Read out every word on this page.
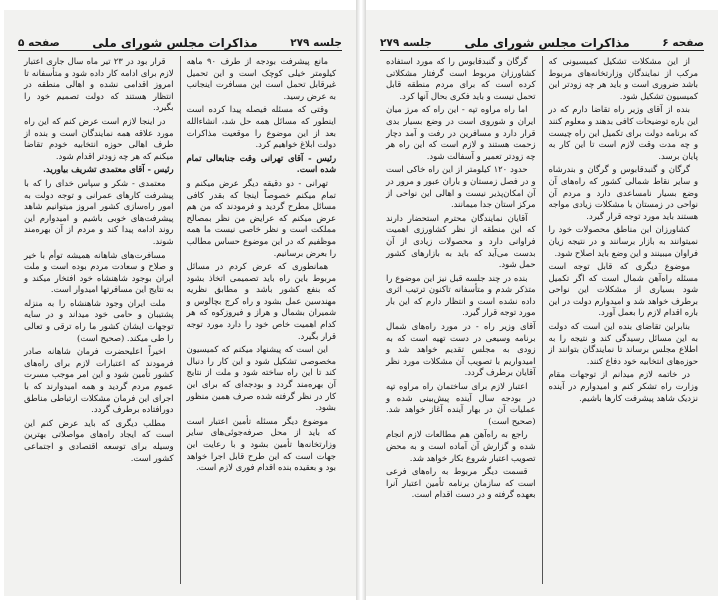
جلسه ۲۷۹
مذاکرات مجلس شورای ملی
صفحه ۵

مانع پیشرفت بودجه از طرف ۹۰ ماهه کیلومتر خیلی کوچک است و این تحمیل غیرقابل تحمل است این مسافرت اینجانب به عرض رسید.

وقتی که مسئله فیصله پیدا کرده است اینطور که مسائل همه حل شد، انشاءالله بعد از این موضوع را موقعیت مذاکرات دولت ابلاغ خواهیم کرد.

رئیس - آقای تهرانی وقت جنابعالی تمام شده است.

تهرانی - دو دقیقه دیگر عرض میکنم و تمام میکنم خصوصاً اینجا که بقدر کافی مسائل مطرح گردید و فرمودند که من هم عرض میکنم که عرایض من نظر بمصالح مملکت است و نظر خاصی نیست ما همه موظفیم که در این موضوع حساس مطالب را بعرض برسانیم.

همانطوری که عرض کردم در مسائل مربوط باین راه باید تصمیمی اتخاذ بشود که بنفع کشور باشد و مطابق نظریه مهندسین عمل بشود و راه کرج بچالوس و شمیران بشمال و هراز و فیروزکوه که هر کدام اهمیت خاص خود را دارد مورد توجه قرار بگیرد.

این است که پیشنهاد میکنم که کمیسیون مخصوصی تشکیل شود و این کار را دنبال کند تا این راه ساخته شود و ملت از نتایج آن بهره‌مند گردد و بودجه‌ای که برای این کار در نظر گرفته شده صرف همین منظور بشود.

موضوع دیگر مسئله تأمین اعتبار است که باید از محل صرفه‌جوئی‌های سایر وزارتخانه‌ها تأمین بشود و با رعایت این جهات است که این طرح قابل اجرا خواهد بود و بعقیده بنده اقدام فوری لازم است.

قرار بود در ۲۳ تیر ماه سال جاری اعتبار لازم برای ادامه کار داده شود و متأسفانه تا امروز اقدامی نشده و اهالی منطقه در انتظار هستند که دولت تصمیم خود را بگیرد.

در اینجا لازم است عرض کنم که این راه مورد علاقه همه نمایندگان است و بنده از طرف اهالی حوزه انتخابیه خودم تقاضا میکنم که هر چه زودتر اقدام شود.

رئیس - آقای معتمدی تشریف بیاورید.

معتمدی - شکر و سپاس خدای را که با پیشرفت کارهای عمرانی و توجه دولت به امور راه‌سازی کشور امروز میتوانیم شاهد پیشرفت‌های خوبی باشیم و امیدوارم این روند ادامه پیدا کند و مردم از آن بهره‌مند شوند.

مسافرت‌های شاهانه همیشه توأم با خیر و صلاح و سعادت مردم بوده است و ملت ایران بوجود شاهنشاه خود افتخار میکند و به نتایج این مسافرتها امیدوار است.

ملت ایران وجود شاهنشاه را به منزله پشتیبان و حامی خود میداند و در سایه توجهات ایشان کشور ما راه ترقی و تعالی را طی میکند. (صحیح است)

اخیراً اعلیحضرت فرمان شاهانه صادر فرمودند که اعتبارات لازم برای راه‌های کشور تأمین شود و این امر موجب مسرت عموم مردم گردید و همه امیدوارند که با اجرای این فرمان مشکلات ارتباطی مناطق دورافتاده برطرف گردد.

مطلب دیگری که باید عرض کنم این است که ایجاد راه‌های مواصلاتی بهترین وسیله برای توسعه اقتصادی و اجتماعی کشور است.

صفحه ۶
مذاکرات مجلس شورای ملی
جلسه ۲۷۹

از این مشکلات تشکیل کمیسیونی که مرکب از نمایندگان وزارتخانه‌های مربوط باشد ضروری است و باید هر چه زودتر این کمیسیون تشکیل شود.

بنده از آقای وزیر راه تقاضا دارم که در این باره توضیحات کافی بدهند و معلوم کنند که برنامه دولت برای تکمیل این راه چیست و چه مدت وقت لازم است تا این کار به پایان برسد.

گرگان و گنبدقابوس و گرگان و بندرشاه و سایر نقاط شمالی کشور که راه‌های آن وضع بسیار نامساعدی دارد و مردم آن نواحی در زمستان با مشکلات زیادی مواجه هستند باید مورد توجه قرار گیرد.

کشاورزان این مناطق محصولات خود را نمیتوانند به بازار برسانند و در نتیجه زیان فراوان میبینند و این وضع باید اصلاح شود.

موضوع دیگری که قابل توجه است مسئله راه‌آهن شمال است که اگر تکمیل شود بسیاری از مشکلات این نواحی برطرف خواهد شد و امیدوارم دولت در این باره اقدام لازم را بعمل آورد.

بنابراین تقاضای بنده این است که دولت به این مسائل رسیدگی کند و نتیجه را به اطلاع مجلس برساند تا نمایندگان بتوانند از حوزه‌های انتخابیه خود دفاع کنند.

در خاتمه لازم میدانم از توجهات مقام وزارت راه تشکر کنم و امیدوارم در آینده نزدیک شاهد پیشرفت کارها باشیم.

گرگان و گنبدقابوس را که مورد استفاده کشاورزان مربوط است گرفتار مشکلاتی کرده است که برای مردم منطقه قابل تحمل نیست و باید فکری بحال آنها کرد.

اما راه مراوه تپه - این راه که مرز میان ایران و شوروی است در وضع بسیار بدی قرار دارد و مسافرین در رفت و آمد دچار زحمت هستند و لازم است که این راه هر چه زودتر تعمیر و آسفالت شود.

حدود ۱۲۰ کیلومتر از این راه خاکی است و در فصل زمستان و باران عبور و مرور در آن امکان‌پذیر نیست و اهالی این نواحی از مرکز استان جدا میمانند.

آقایان نمایندگان محترم استحضار دارند که این منطقه از نظر کشاورزی اهمیت فراوانی دارد و محصولات زیادی از آن بدست می‌آید که باید به بازارهای کشور حمل شود.

بنده در چند جلسه قبل نیز این موضوع را متذکر شدم و متأسفانه تاکنون ترتیب اثری داده نشده است و انتظار دارم که این بار مورد توجه قرار گیرد.

آقای وزیر راه - در مورد راه‌های شمال برنامه وسیعی در دست تهیه است که به زودی به مجلس تقدیم خواهد شد و امیدواریم با تصویب آن مشکلات مورد نظر آقایان برطرف گردد.

اعتبار لازم برای ساختمان راه مراوه تپه در بودجه سال آینده پیش‌بینی شده و عملیات آن در بهار آینده آغاز خواهد شد. (صحیح است)

راجع به راه‌آهن هم مطالعات لازم انجام شده و گزارش آن آماده است و به محض تصویب اعتبار شروع بکار خواهد شد.

قسمت دیگر مربوط به راه‌های فرعی است که سازمان برنامه تأمین اعتبار آنرا بعهده گرفته و در دست اقدام است.
